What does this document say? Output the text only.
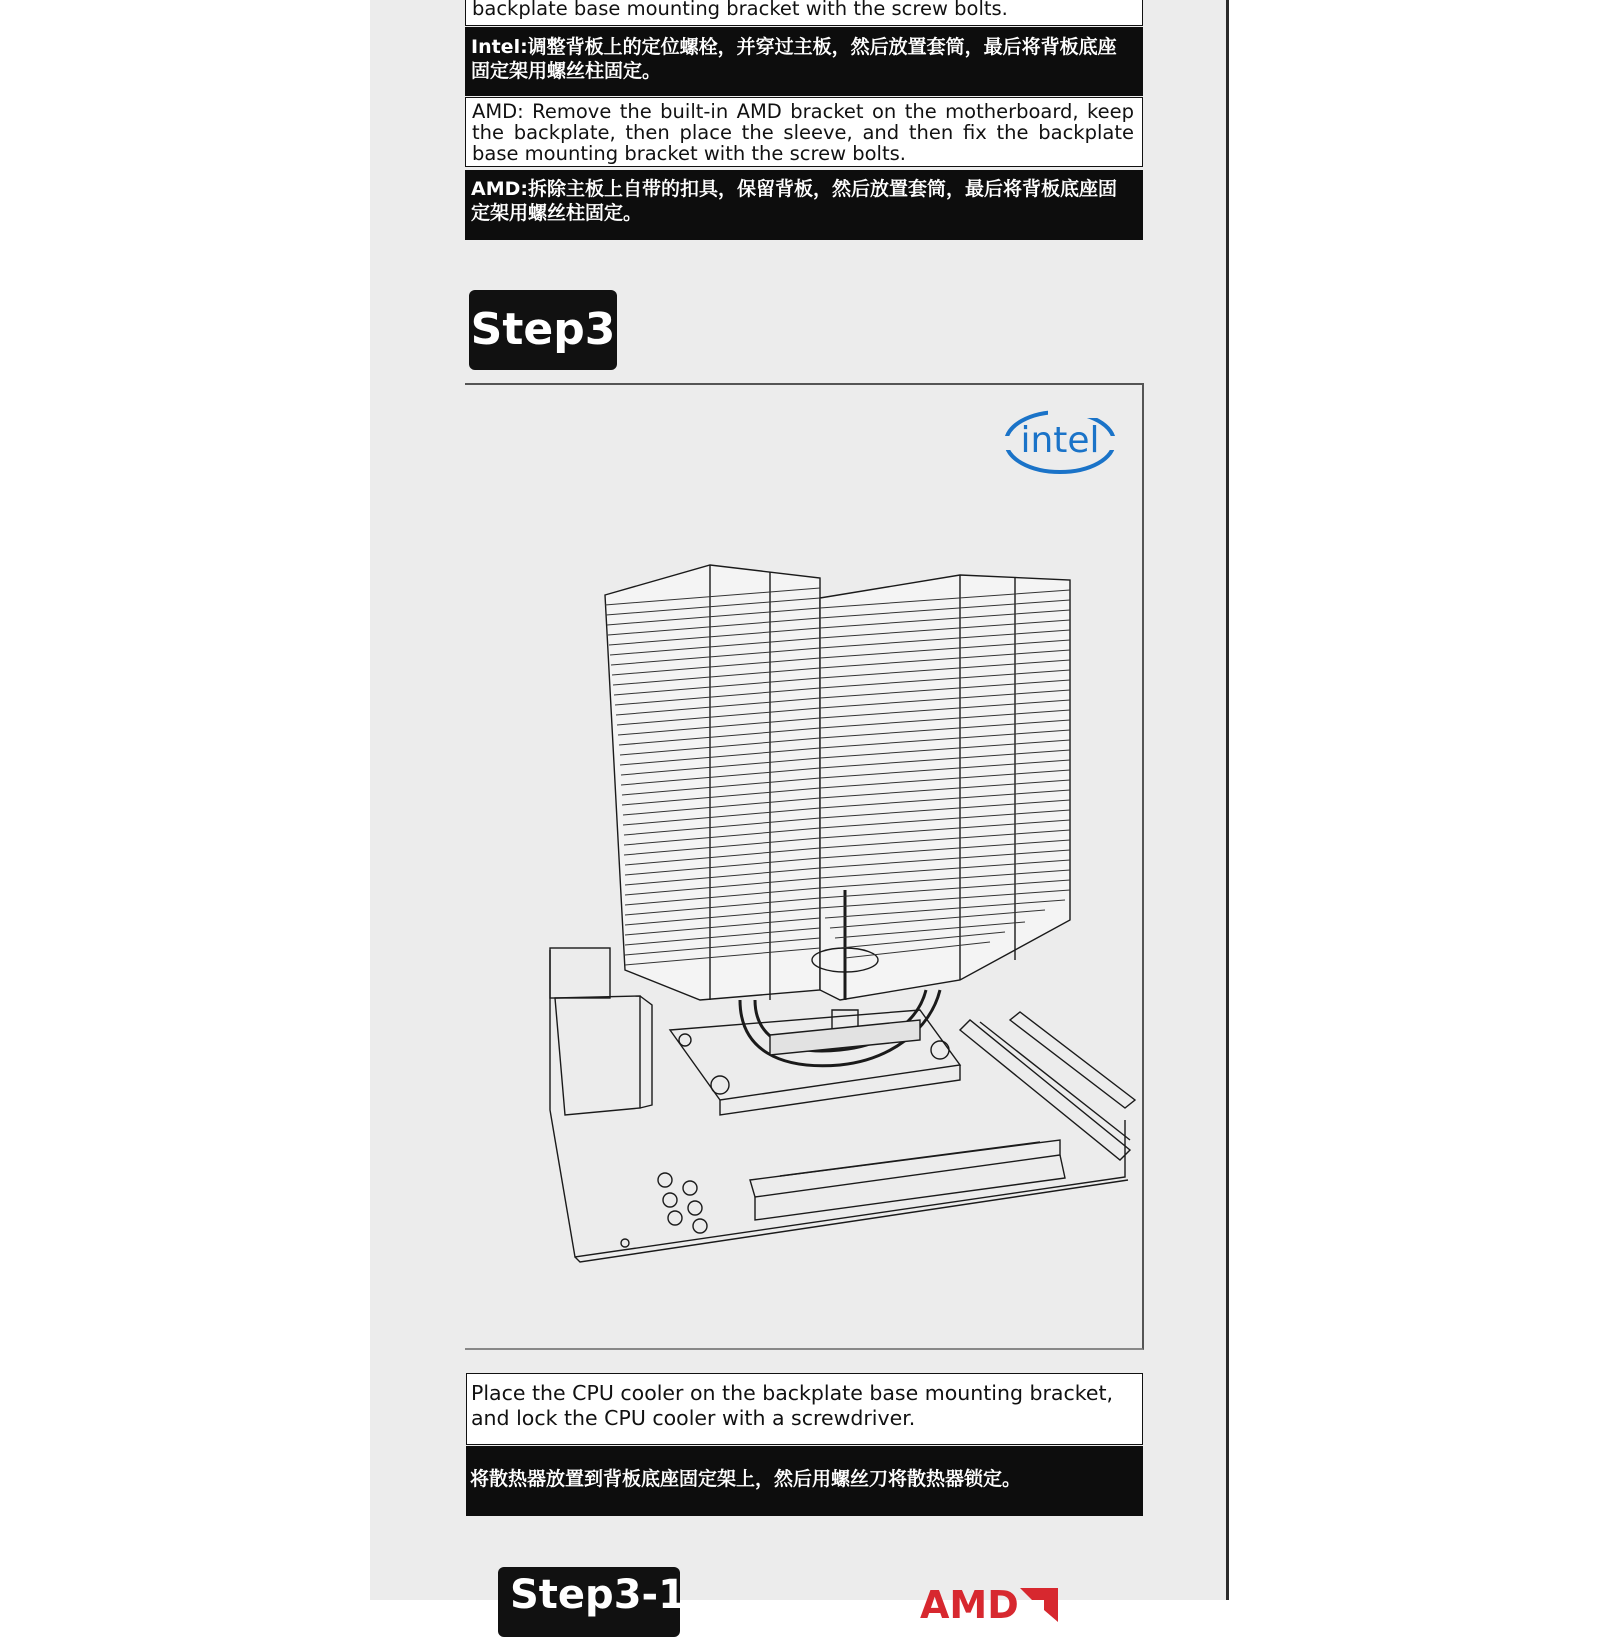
backplate base mounting bracket with the screw bolts.
Intel:调整背板上的定位螺栓，并穿过主板，然后放置套筒，最后将背板底座固定架用螺丝柱固定。
AMD: Remove the built-in AMD bracket on the motherboard, keep the backplate, then place the sleeve, and then fix the backplate base mounting bracket with the screw bolts.
AMD:拆除主板上自带的扣具，保留背板，然后放置套筒，最后将背板底座固定架用螺丝柱固定。
Step3
intel
Place the CPU cooler on the backplate base mounting bracket, and lock the CPU cooler with a screwdriver.
将散热器放置到背板底座固定架上，然后用螺丝刀将散热器锁定。
Step3-1	AMD
